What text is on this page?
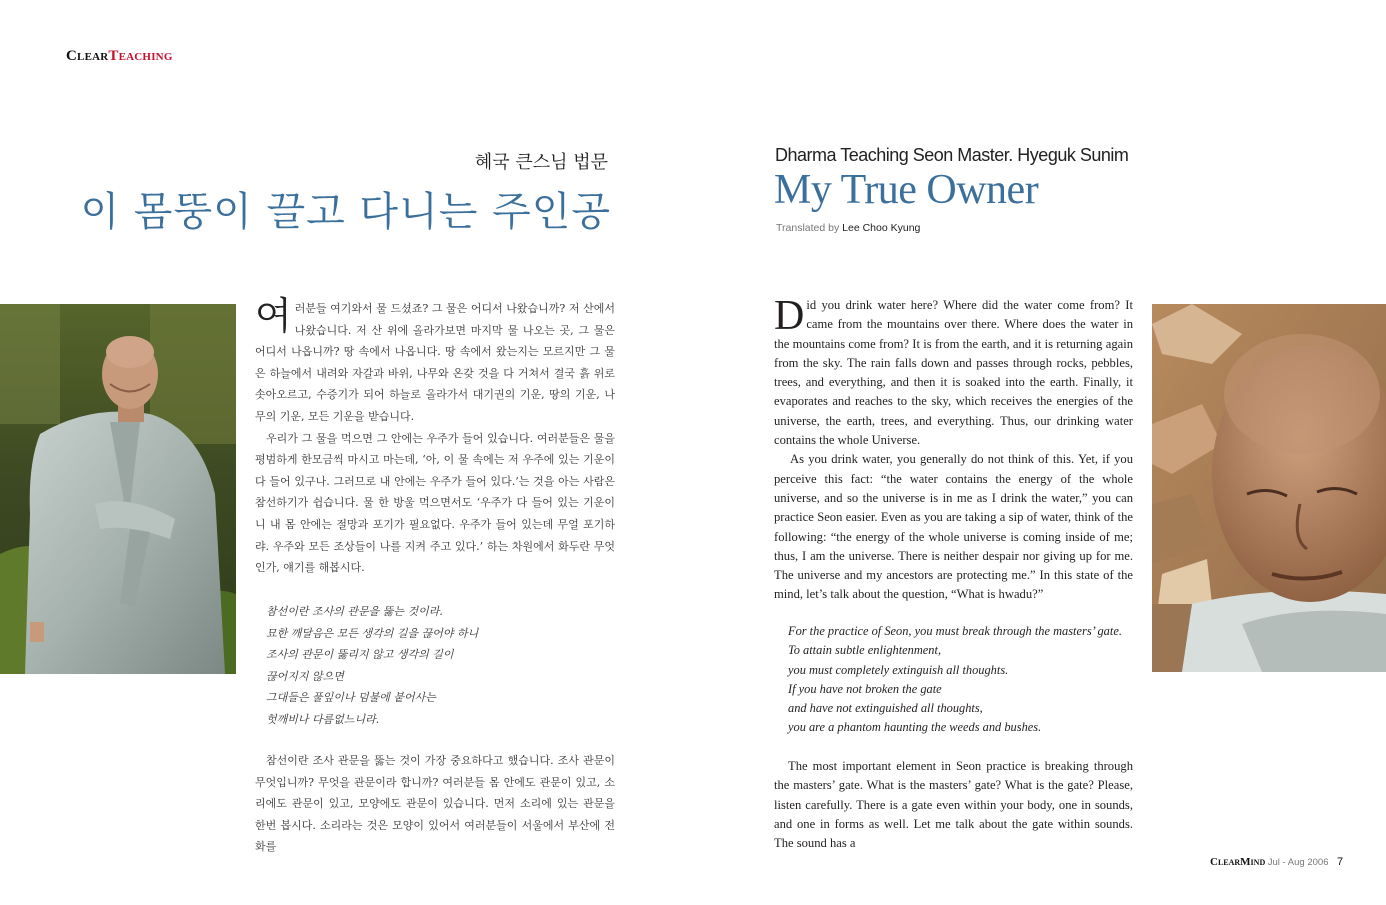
ClearTeaching
혜국 큰스님 법문
이 몸뚱이 끌고 다니는 주인공
Dharma Teaching Seon Master. Hyeguk Sunim
My True Owner
Translated by Lee Choo Kyung

여러분들 여기와서 물 드셨죠? 그 물은 어디서 나왔습니까? 저 산에서 나왔습니다. 저 산 위에 올라가보면 마지막 물 나오는 곳, 그 물은 어디서 나옵니까? 땅 속에서 나옵니다. 땅 속에서 왔는지는 모르지만 그 물은 하늘에서 내려와 자갈과 바위, 나무와 온갖 것을 다 거쳐서 결국 흙 위로 솟아오르고, 수증기가 되어 하늘로 올라가서 대기권의 기운, 땅의 기운, 나무의 기운, 모든 기운을 받습니다.

우리가 그 물을 먹으면 그 안에는 우주가 들어 있습니다. 여러분들은 물을 평범하게 한모금씩 마시고 마는데, ‘아, 이 물 속에는 저 우주에 있는 기운이 다 들어 있구나. 그러므로 내 안에는 우주가 들어 있다.’는 것을 아는 사람은 참선하기가 쉽습니다. 물 한 방울 먹으면서도 ‘우주가 다 들어 있는 기운이니 내 몸 안에는 절망과 포기가 필요없다. 우주가 들어 있는데 무얼 포기하랴. 우주와 모든 조상들이 나를 지켜 주고 있다.’ 하는 차원에서 화두란 무엇인가, 얘기를 해봅시다.

참선이란 조사의 관문을 뚫는 것이라.
묘한 깨달음은 모든 생각의 길을 끊어야 하니
조사의 관문이 뚫리지 않고 생각의 길이
끊어지지 않으면
그대들은 풀잎이나 덤불에 붙어사는
헛깨비나 다름없느니라.

참선이란 조사 관문을 뚫는 것이 가장 중요하다고 했습니다. 조사 관문이 무엇입니까? 무엇을 관문이라 합니까? 여러분들 몸 안에도 관문이 있고, 소리에도 관문이 있고, 모양에도 관문이 있습니다. 먼저 소리에 있는 관문을 한번 봅시다. 소리라는 것은 모양이 있어서 여러분들이 서울에서 부산에 전화를

Did you drink water here? Where did the water come from? It came from the mountains over there. Where does the water in the mountains come from? It is from the earth, and it is returning again from the sky. The rain falls down and passes through rocks, pebbles, trees, and everything, and then it is soaked into the earth. Finally, it evaporates and reaches to the sky, which receives the energies of the universe, the earth, trees, and everything. Thus, our drinking water contains the whole Universe.

As you drink water, you generally do not think of this. Yet, if you perceive this fact: “the water contains the energy of the whole universe, and so the universe is in me as I drink the water,” you can practice Seon easier. Even as you are taking a sip of water, think of the following: “the energy of the whole universe is coming inside of me; thus, I am the universe. There is neither despair nor giving up for me. The universe and my ancestors are protecting me.” In this state of the mind, let’s talk about the question, “What is hwadu?”

For the practice of Seon, you must break through the masters’ gate.
To attain subtle enlightenment,
you must completely extinguish all thoughts.
If you have not broken the gate
and have not extinguished all thoughts,
you are a phantom haunting the weeds and bushes.

The most important element in Seon practice is breaking through the masters’ gate. What is the masters’ gate? What is the gate? Please, listen carefully. There is a gate even within your body, one in sounds, and one in forms as well. Let me talk about the gate within sounds. The sound has a

ClearMind Jul - Aug 2006 7
